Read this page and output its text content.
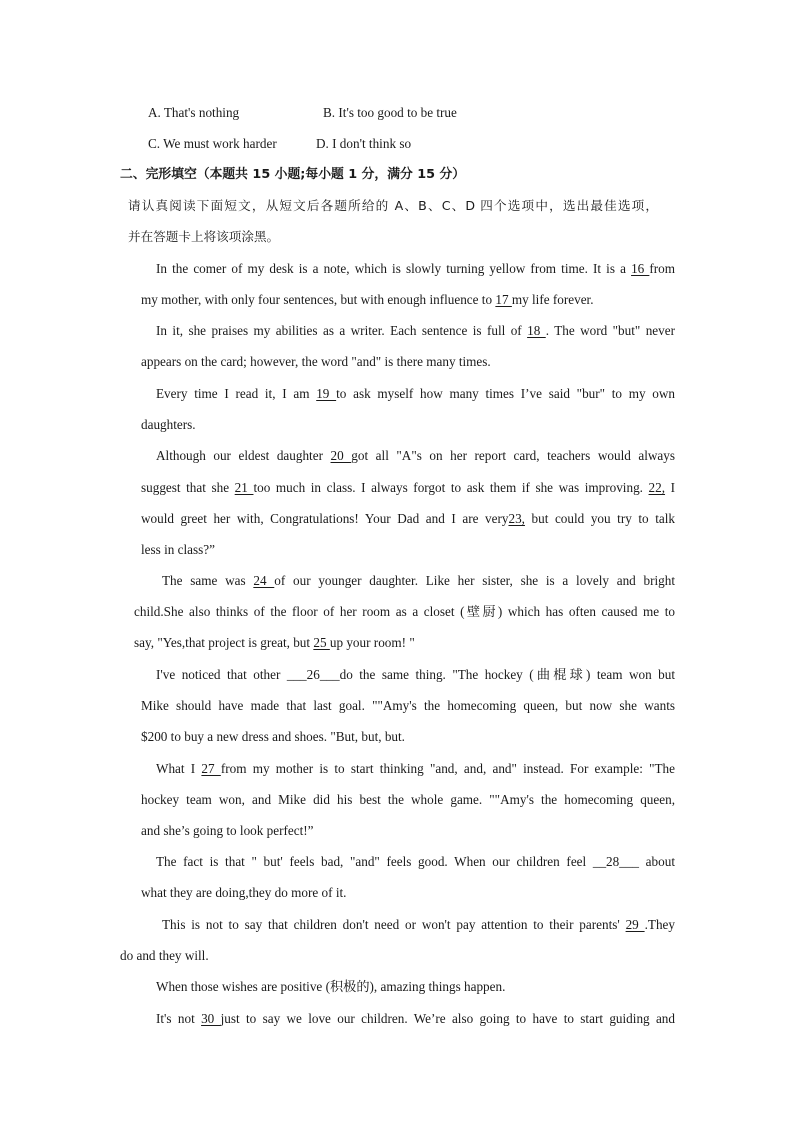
A. That's nothing	B. It's too good to be true
C. We must work harder	D. I don't think so
二、完形填空（本题共 15 小题;每小题 1 分，满分 15 分）
请认真阅读下面短文，从短文后各题所给的 A、B、C、D 四个选项中，选出最佳选项，
并在答题卡上将该项涂黑。
In the comer of my desk is a note, which is slowly turning yellow from time. It is a 16 from
my mother, with only four sentences, but with enough influence to 17 my life forever.
In it, she praises my abilities as a writer. Each sentence is full of 18 . The word "but" never
appears on the card; however, the word "and" is there many times.
Every time I read it, I am 19 to ask myself how many times I’ve said "bur" to my own
daughters.
Although our eldest daughter 20 got all "A"s on her report card, teachers would always
suggest that she 21 too much in class. I always forgot to ask them if she was improving. 22, I
would greet her with, Congratulations! Your Dad and I are very23, but could you try to talk
less in class?”
The same was 24 of our younger daughter. Like her sister, she is a lovely and bright
child.She also thinks of the floor of her room as a closet (壁厨) which has often caused me to
say, "Yes,that project is great, but 25 up your room! "
I've noticed that other ___26___do the same thing. "The hockey (曲棍球) team won but
Mike should have made that last goal. ""Amy's the homecoming queen, but now she wants
$200 to buy a new dress and shoes. "But, but, but.
What I 27 from my mother is to start thinking "and, and, and" instead. For example: "The
hockey team won, and Mike did his best the whole game. ""Amy's the homecoming queen,
and she’s going to look perfect!”
The fact is that " but' feels bad, "and" feels good. When our children feel __28___ about
what they are doing,they do more of it.
This is not to say that children don't need or won't pay attention to their parents' 29 .They
do and they will.
When those wishes are positive (积极的), amazing things happen.
It's not 30 just to say we love our children. We’re also going to have to start guiding and
